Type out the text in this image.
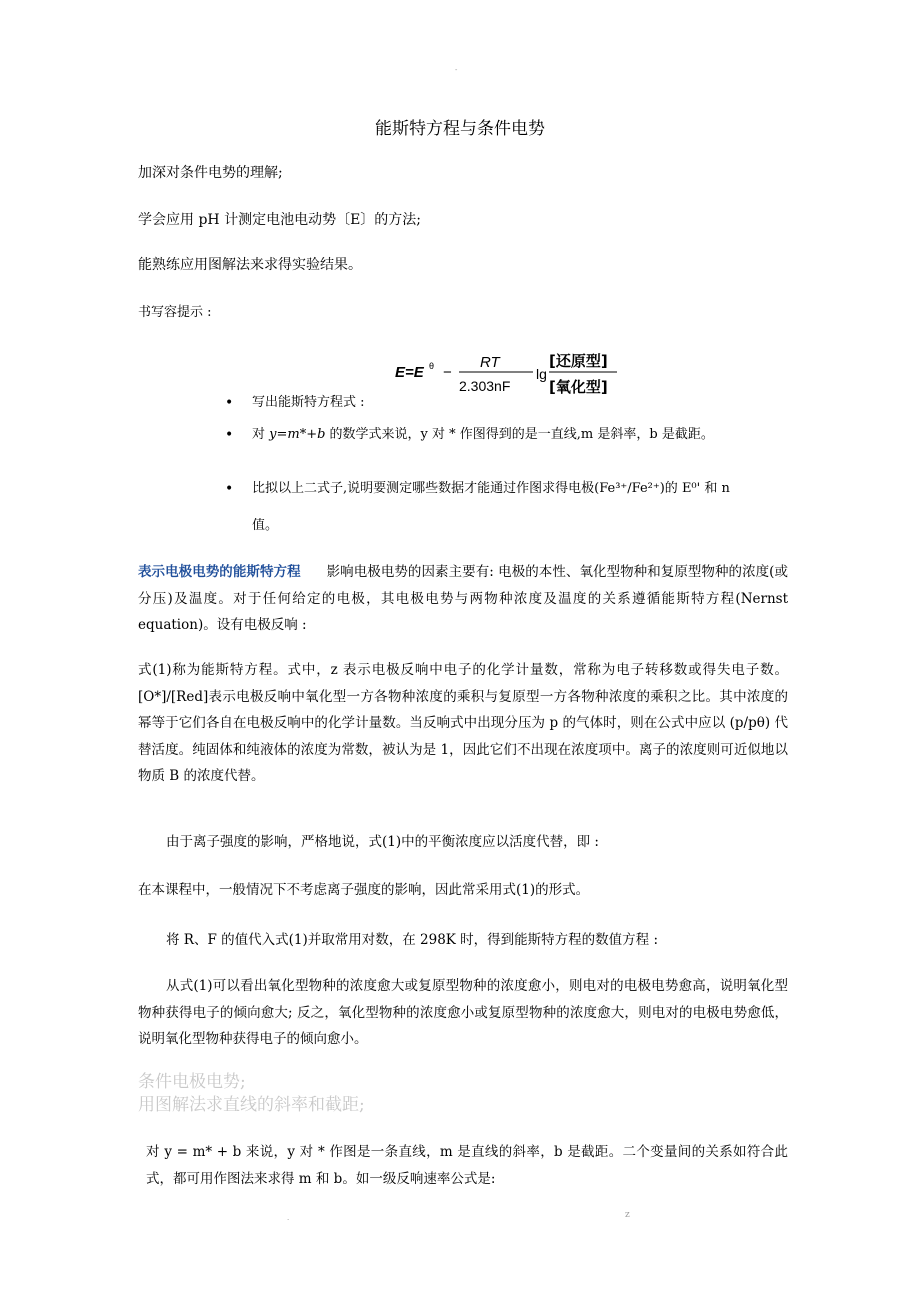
-
能斯特方程与条件电势
加深对条件电势的理解;
学会应用 pH 计测定电池电动势〔E〕的方法;
能熟练应用图解法来求得实验结果。
书写容提示 :
E=E θ −
RT
2.303nF
lg
[还原型]
[氧化型]
• 写出能斯特方程式 :
• 对 y=m*+b 的数学式来说，y 对 * 作图得到的是一直线,m 是斜率，b 是截距。
• 比拟以上二式子,说明要测定哪些数据才能通过作图求得电极(Fe³⁺/Fe²⁺)的 E⁰' 和 n
值。
表示电极电势的能斯特方程 影响电极电势的因素主要有: 电极的本性、氧化型物种和复原型物种的浓度(或分压)及温度。对于任何给定的电极，其电极电势与两物种浓度及温度的关系遵循能斯特方程(Nernst equation)。设有电极反响 :
式(1)称为能斯特方程。式中，z 表示电极反响中电子的化学计量数，常称为电子转移数或得失电子数。[O*]/[Red]表示电极反响中氧化型一方各物种浓度的乘积与复原型一方各物种浓度的乘积之比。其中浓度的幂等于它们各自在电极反响中的化学计量数。当反响式中出现分压为 p 的气体时，则在公式中应以 (p/pθ) 代替活度。纯固体和纯液体的浓度为常数，被认为是 1，因此它们不出现在浓度项中。离子的浓度则可近似地以物质 B 的浓度代替。
由于离子强度的影响，严格地说，式(1)中的平衡浓度应以活度代替，即 :
在本课程中，一般情况下不考虑离子强度的影响，因此常采用式(1)的形式。
将 R、F 的值代入式(1)并取常用对数，在 298K 时，得到能斯特方程的数值方程 :
从式(1)可以看出氧化型物种的浓度愈大或复原型物种的浓度愈小，则电对的电极电势愈高，说明氧化型物种获得电子的倾向愈大; 反之，氧化型物种的浓度愈小或复原型物种的浓度愈大，则电对的电极电势愈低，说明氧化型物种获得电子的倾向愈小。
条件电极电势;
用图解法求直线的斜率和截距;
对 y = m* + b 来说，y 对 * 作图是一条直线，m 是直线的斜率，b 是截距。二个变量间的关系如符合此式，都可用作图法来求得 m 和 b。如一级反响速率公式是:
.	z
